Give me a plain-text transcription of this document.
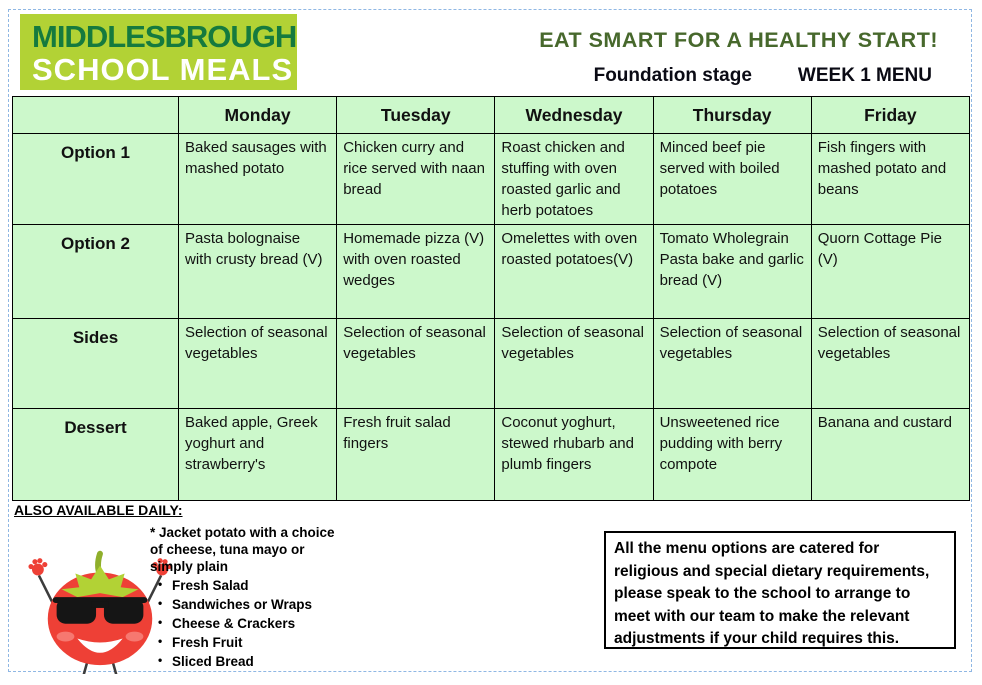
MIDDLESBROUGH
SCHOOL MEALS
EAT SMART FOR A HEALTHY START!
Foundation stage WEEK 1 MENU
	Monday	Tuesday	Wednesday	Thursday	Friday
Option 1	Baked sausages with mashed potato	Chicken curry and rice served with naan bread	Roast chicken and stuffing with oven roasted garlic and herb potatoes	Minced beef pie served with boiled potatoes	Fish fingers with mashed potato and beans
Option 2	Pasta bolognaise with crusty bread (V)	Homemade pizza (V) with oven roasted wedges	Omelettes with oven roasted potatoes(V)	Tomato Wholegrain Pasta bake and garlic bread (V)	Quorn Cottage Pie (V)
Sides	Selection of seasonal vegetables	Selection of seasonal vegetables	Selection of seasonal vegetables	Selection of seasonal vegetables	Selection of seasonal vegetables
Dessert	Baked apple, Greek yoghurt and strawberry's	Fresh fruit salad fingers	Coconut yoghurt, stewed rhubarb and plumb fingers	Unsweetened rice pudding with berry compote	Banana and custard
ALSO AVAILABLE DAILY:
* Jacket potato with a choice of cheese, tuna mayo or simply plain
• Fresh Salad
• Sandwiches or Wraps
• Cheese & Crackers
• Fresh Fruit
• Sliced Bread
All the menu options are catered for religious and special dietary requirements, please speak to the school to arrange to meet with our team to make the relevant adjustments if your child requires this.
